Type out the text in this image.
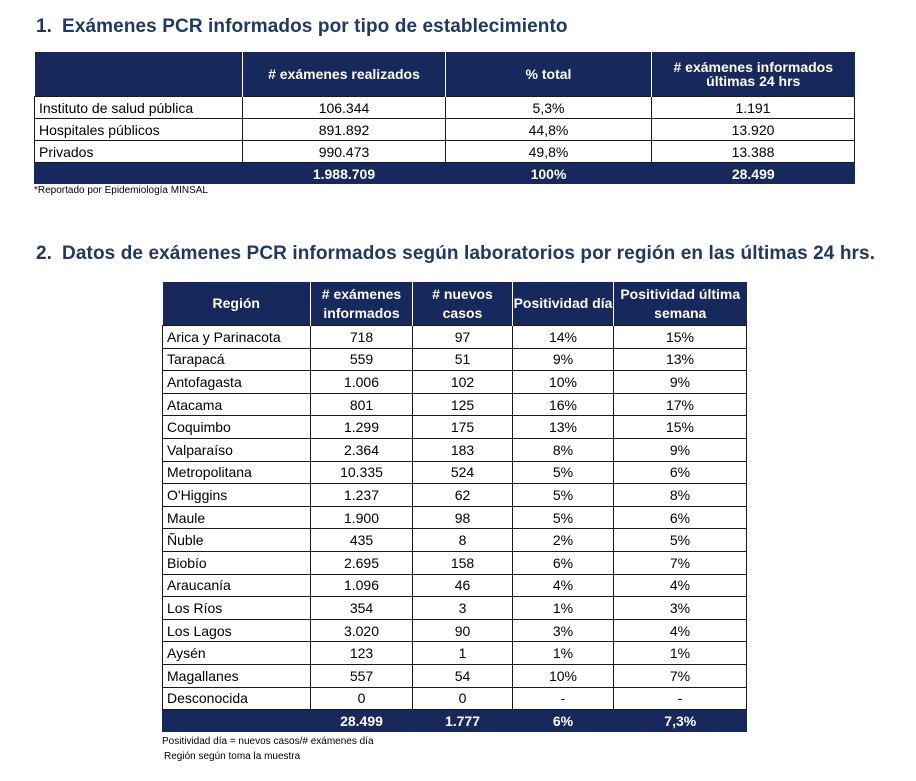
1. Exámenes PCR informados por tipo de establecimiento
	# exámenes realizados	% total	# exámenes informados últimas 24 hrs
Instituto de salud pública	106.344	5,3%	1.191
Hospitales públicos	891.892	44,8%	13.920
Privados	990.473	49,8%	13.388
	1.988.709	100%	28.499
*Reportado por Epidemiología MINSAL
2. Datos de exámenes PCR informados según laboratorios por región en las últimas 24 hrs.
Región	# exámenes informados	# nuevos casos	Positividad día	Positividad última semana
Arica y Parinacota	718	97	14%	15%
Tarapacá	559	51	9%	13%
Antofagasta	1.006	102	10%	9%
Atacama	801	125	16%	17%
Coquimbo	1.299	175	13%	15%
Valparaíso	2.364	183	8%	9%
Metropolitana	10.335	524	5%	6%
O'Higgins	1.237	62	5%	8%
Maule	1.900	98	5%	6%
Ñuble	435	8	2%	5%
Biobío	2.695	158	6%	7%
Araucanía	1.096	46	4%	4%
Los Ríos	354	3	1%	3%
Los Lagos	3.020	90	3%	4%
Aysén	123	1	1%	1%
Magallanes	557	54	10%	7%
Desconocida	0	0	-	-
	28.499	1.777	6%	7,3%
Positividad día = nuevos casos/# exámenes día
Región según toma la muestra
